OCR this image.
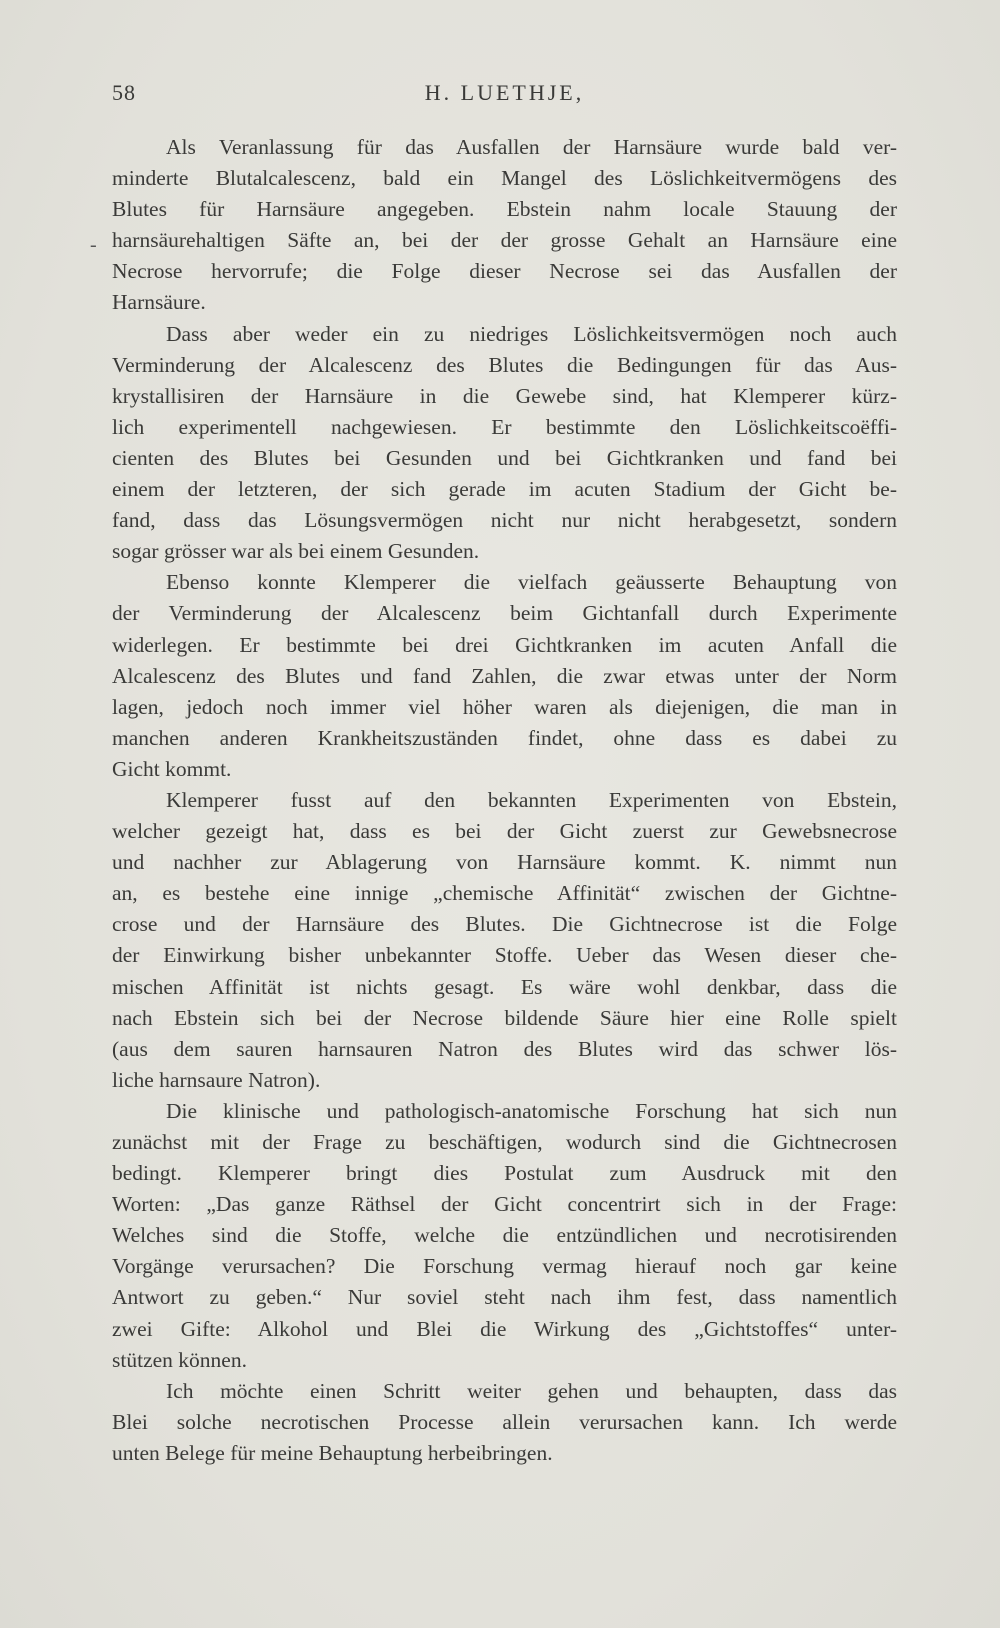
58	H. LUETHJE,
-
Als Veranlassung für das Ausfallen der Harnsäure wurde bald ver-
minderte Blutalcalescenz, bald ein Mangel des Löslichkeitvermögens des
Blutes für Harnsäure angegeben. Ebstein nahm locale Stauung der
harnsäurehaltigen Säfte an, bei der der grosse Gehalt an Harnsäure eine
Necrose hervorrufe; die Folge dieser Necrose sei das Ausfallen der
Harnsäure.
Dass aber weder ein zu niedriges Löslichkeitsvermögen noch auch
Verminderung der Alcalescenz des Blutes die Bedingungen für das Aus-
krystallisiren der Harnsäure in die Gewebe sind, hat Klemperer kürz-
lich experimentell nachgewiesen. Er bestimmte den Löslichkeitscoëffi-
cienten des Blutes bei Gesunden und bei Gichtkranken und fand bei
einem der letzteren, der sich gerade im acuten Stadium der Gicht be-
fand, dass das Lösungsvermögen nicht nur nicht herabgesetzt, sondern
sogar grösser war als bei einem Gesunden.
Ebenso konnte Klemperer die vielfach geäusserte Behauptung von
der Verminderung der Alcalescenz beim Gichtanfall durch Experimente
widerlegen. Er bestimmte bei drei Gichtkranken im acuten Anfall die
Alcalescenz des Blutes und fand Zahlen, die zwar etwas unter der Norm
lagen, jedoch noch immer viel höher waren als diejenigen, die man in
manchen anderen Krankheitszuständen findet, ohne dass es dabei zu
Gicht kommt.
Klemperer fusst auf den bekannten Experimenten von Ebstein,
welcher gezeigt hat, dass es bei der Gicht zuerst zur Gewebsnecrose
und nachher zur Ablagerung von Harnsäure kommt. K. nimmt nun
an, es bestehe eine innige „chemische Affinität“ zwischen der Gichtne-
crose und der Harnsäure des Blutes. Die Gichtnecrose ist die Folge
der Einwirkung bisher unbekannter Stoffe. Ueber das Wesen dieser che-
mischen Affinität ist nichts gesagt. Es wäre wohl denkbar, dass die
nach Ebstein sich bei der Necrose bildende Säure hier eine Rolle spielt
(aus dem sauren harnsauren Natron des Blutes wird das schwer lös-
liche harnsaure Natron).
Die klinische und pathologisch-anatomische Forschung hat sich nun
zunächst mit der Frage zu beschäftigen, wodurch sind die Gichtnecrosen
bedingt. Klemperer bringt dies Postulat zum Ausdruck mit den
Worten: „Das ganze Räthsel der Gicht concentrirt sich in der Frage:
Welches sind die Stoffe, welche die entzündlichen und necrotisirenden
Vorgänge verursachen? Die Forschung vermag hierauf noch gar keine
Antwort zu geben.“ Nur soviel steht nach ihm fest, dass namentlich
zwei Gifte: Alkohol und Blei die Wirkung des „Gichtstoffes“ unter-
stützen können.
Ich möchte einen Schritt weiter gehen und behaupten, dass das
Blei solche necrotischen Processe allein verursachen kann. Ich werde
unten Belege für meine Behauptung herbeibringen.
